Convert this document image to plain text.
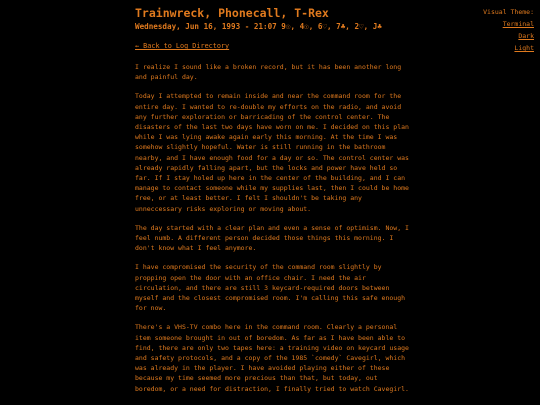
Visual Theme:
Terminal
Dark
Light
Trainwreck, Phonecall, T-Rex
Wednesday, Jun 16, 1993 - 21:07 9☉, 4☉, 6♡, 7♣, 2♡, J♣
← Back to Log Directory

I realize I sound like a broken record, but it has been another long and painful day.

Today I attempted to remain inside and near the command room for the entire day. I wanted to re-double my efforts on the radio, and avoid any further exploration or barricading of the control center. The disasters of the last two days have worn on me. I decided on this plan while I was lying awake again early this morning. At the time I was somehow slightly hopeful. Water is still running in the bathroom nearby, and I have enough food for a day or so. The control center was already rapidly falling apart, but the locks and power have held so far. If I stay holed up here in the center of the building, and I can manage to contact someone while my supplies last, then I could be home free, or at least better. I felt I shouldn't be taking any unneccessary risks exploring or moving about.

The day started with a clear plan and even a sense of optimism. Now, I feel numb. A different person decided those things this morning. I don't know what I feel anymore.

I have compromised the security of the command room slightly by propping open the door with an office chair. I need the air circulation, and there are still 3 keycard-required doors between myself and the closest compromised room. I'm calling this safe enough for now.

There's a VHS-TV combo here in the command room. Clearly a personal item someone brought in out of boredom. As far as I have been able to find, there are only two tapes here: a training video on keycard usage and safety protocols, and a copy of the 1985 `comedy` Cavegirl, which was already in the player. I have avoided playing either of these because my time seemed more precious than that, but today, out boredom, or a need for distraction, I finally tried to watch Cavegirl.
